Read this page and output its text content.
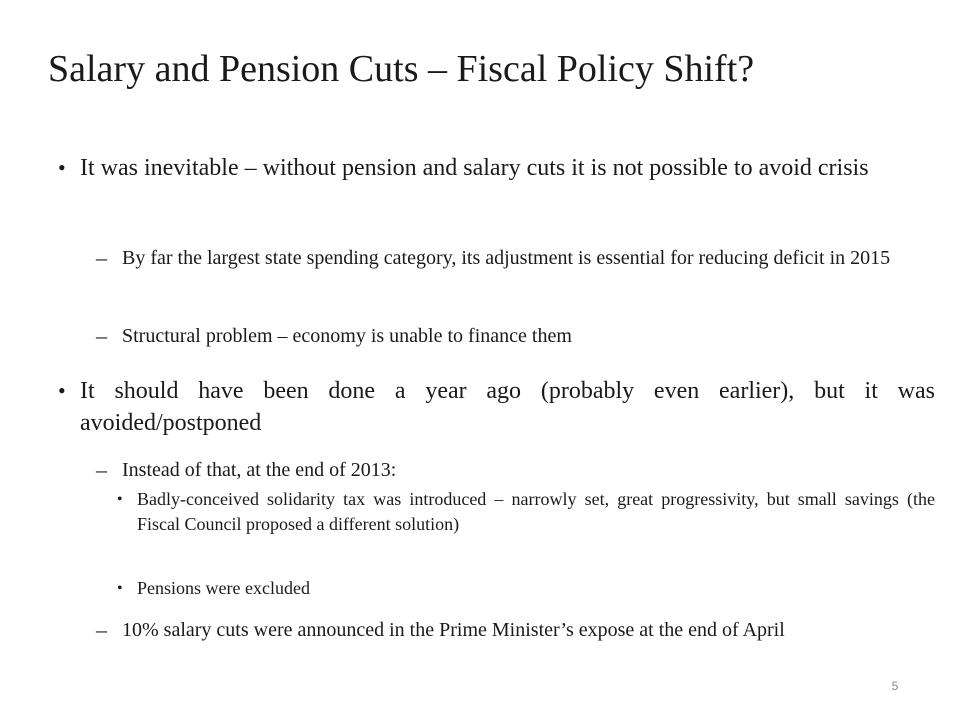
Salary and Pension Cuts – Fiscal Policy Shift?
• It was inevitable – without pension and salary cuts it is not possible to avoid crisis
– By far the largest state spending category, its adjustment is essential for reducing deficit in 2015
– Structural problem – economy is unable to finance them
• It should have been done a year ago (probably even earlier), but it was avoided/postponed
– Instead of that, at the end of 2013:
• Badly-conceived solidarity tax was introduced – narrowly set, great progressivity, but small savings (the Fiscal Council proposed a different solution)
• Pensions were excluded
– 10% salary cuts were announced in the Prime Minister’s expose at the end of April
5
